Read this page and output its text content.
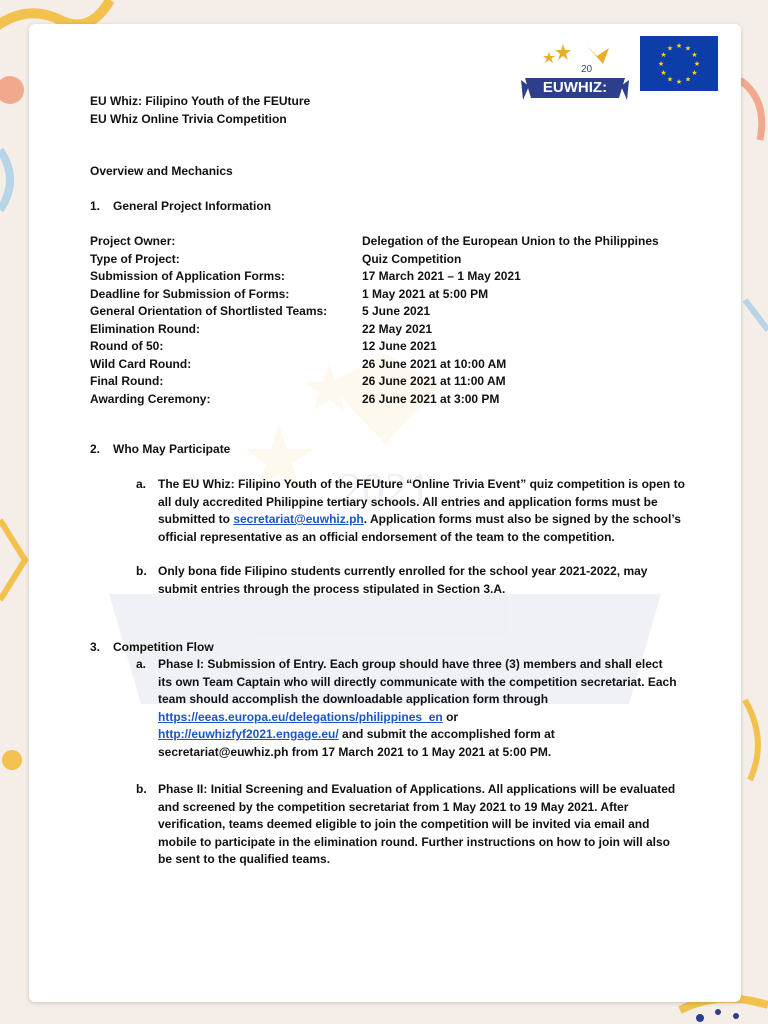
2021
EUWHIZ:
20
★ ★
★
★
★
★
★
★
★
★
★
★
EU Whiz: Filipino Youth of the FEUture
EU Whiz Online Trivia Competition
Overview and Mechanics
1. General Project Information
Project Owner:	Delegation of the European Union to the Philippines
Type of Project:	Quiz Competition
Submission of Application Forms:	17 March 2021 – 1 May 2021
Deadline for Submission of Forms:	1 May 2021 at 5:00 PM
General Orientation of Shortlisted Teams:	5 June 2021
Elimination Round:	22 May 2021
Round of 50:	12 June 2021
Wild Card Round:	26 June 2021 at 10:00 AM
Final Round:	26 June 2021 at 11:00 AM
Awarding Ceremony:	26 June 2021 at 3:00 PM
2. Who May Participate
a. The EU Whiz: Filipino Youth of the FEUture “Online Trivia Event” quiz competition is open to all duly accredited Philippine tertiary schools. All entries and application forms must be submitted to secretariat@euwhiz.ph. Application forms must also be signed by the school’s official representative as an official endorsement of the team to the competition.
b. Only bona fide Filipino students currently enrolled for the school year 2021-2022, may submit entries through the process stipulated in Section 3.A.
3. Competition Flow
a. Phase I: Submission of Entry. Each group should have three (3) members and shall elect its own Team Captain who will directly communicate with the competition secretariat. Each team should accomplish the downloadable application form through
https://eeas.europa.eu/delegations/philippines_en or
http://euwhizfyf2021.engage.eu/ and submit the accomplished form at
secretariat@euwhiz.ph from 17 March 2021 to 1 May 2021 at 5:00 PM.
b. Phase II: Initial Screening and Evaluation of Applications. All applications will be evaluated and screened by the competition secretariat from 1 May 2021 to 19 May 2021. After verification, teams deemed eligible to join the competition will be invited via email and mobile to participate in the elimination round. Further instructions on how to join will also be sent to the qualified teams.
